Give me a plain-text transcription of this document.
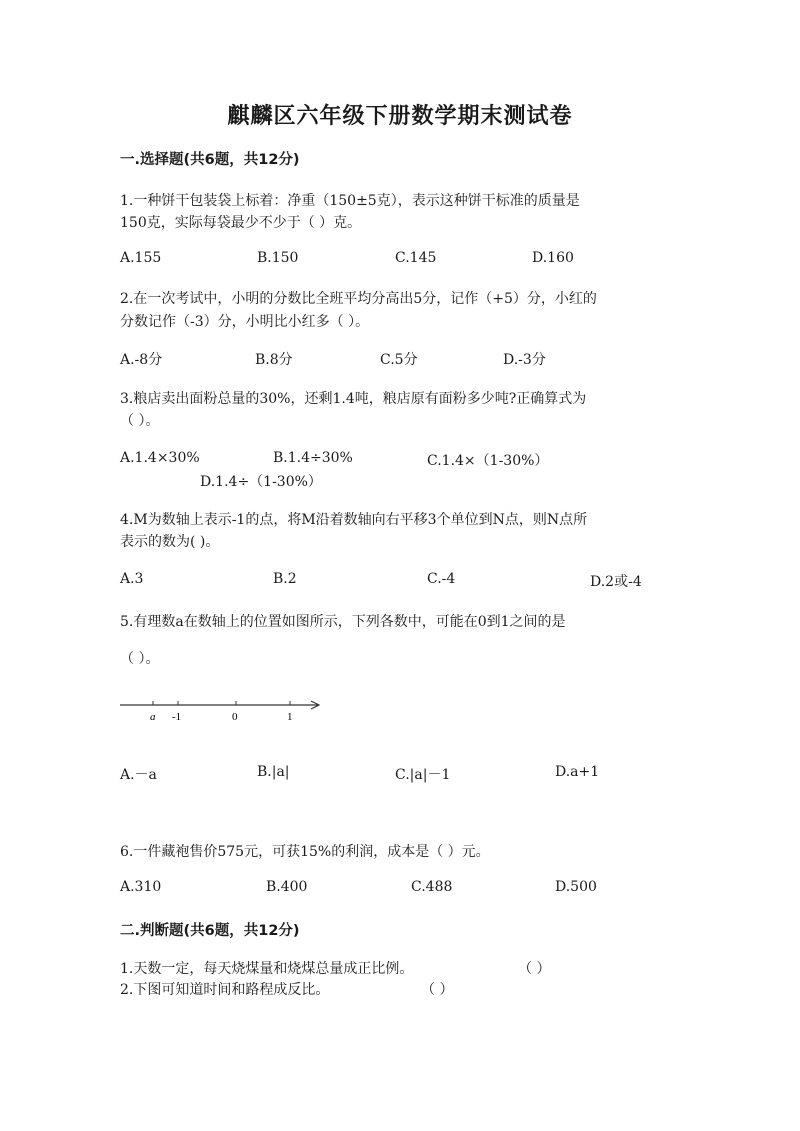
麒麟区六年级下册数学期末测试卷
一.选择题(共6题，共12分)
1.一种饼干包装袋上标着：净重（150±5克），表示这种饼干标准的质量是
150克，实际每袋最少不少于（ ）克。
A.155	B.150	C.145	D.160
2.在一次考试中，小明的分数比全班平均分高出5分，记作（+5）分，小红的
分数记作（-3）分，小明比小红多（ ）。
A.-8分	B.8分	C.5分	D.-3分
3.粮店卖出面粉总量的30%，还剩1.4吨，粮店原有面粉多少吨?正确算式为
（ ）。
A.1.4×30%	B.1.4÷30%	C.1.4×（1-30%）
D.1.4÷（1-30%）
4.M为数轴上表示-1的点，将M沿着数轴向右平移3个单位到N点，则N点所
表示的数为( )。
A.3	B.2	C.-4	D.2或-4
5.有理数a在数轴上的位置如图所示，下列各数中，可能在0到1之间的是
（ ）。
a -1	0	1
A.－a	B.|a|	C.|a|－1	D.a+1
6.一件藏袍售价575元，可获15%的利润，成本是（ ）元。
A.310	B.400	C.488	D.500
二.判断题(共6题，共12分)
1.天数一定，每天烧煤量和烧煤总量成正比例。	（ ）
2.下图可知道时间和路程成反比。	（ ）
